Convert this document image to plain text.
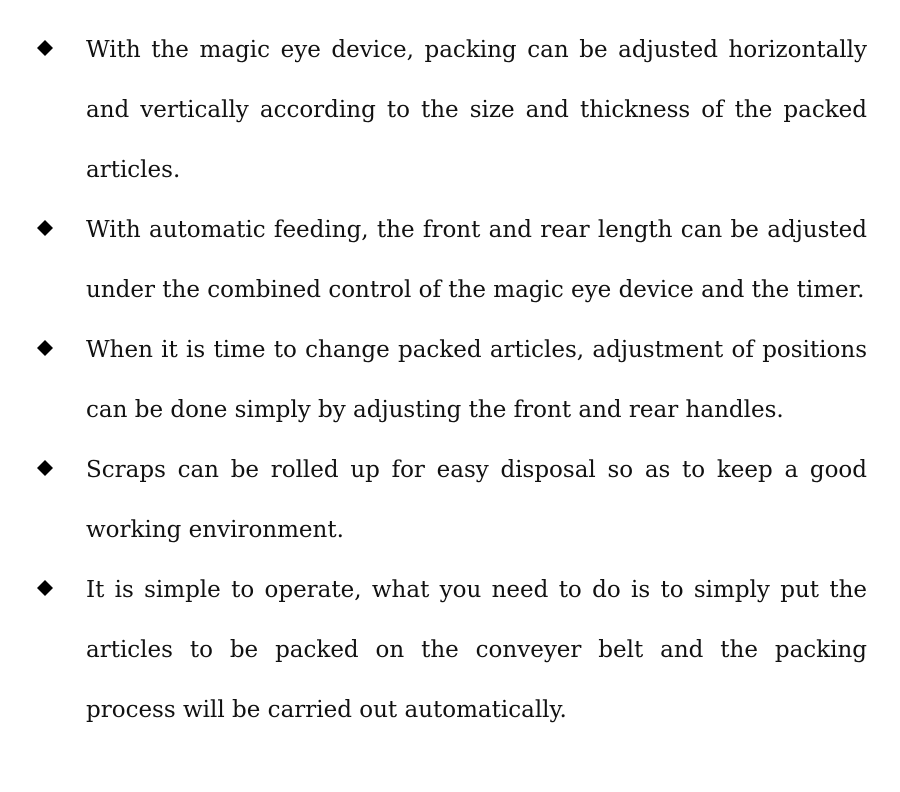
With the magic eye device, packing can be adjusted horizontally and vertically according to the size and thickness of the packed articles.
With automatic feeding, the front and rear length can be adjusted under the combined control of the magic eye device and the timer.
When it is time to change packed articles, adjustment of positions can be done simply by adjusting the front and rear handles.
Scraps can be rolled up for easy disposal so as to keep a good working environment.
It is simple to operate, what you need to do is to simply put the articles to be packed on the conveyer belt and the packing process will be carried out automatically.
